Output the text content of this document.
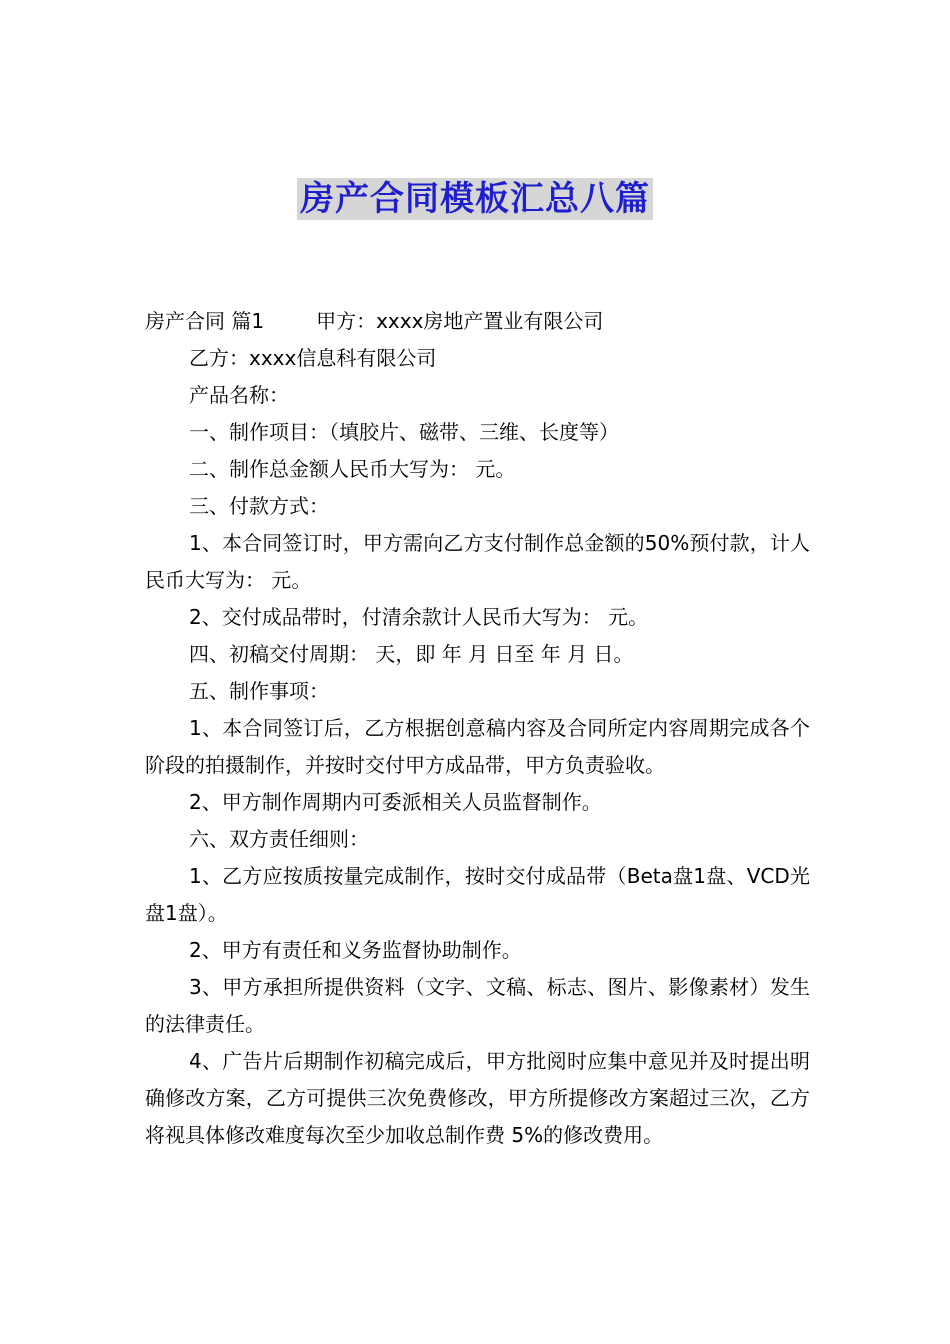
房产合同模板汇总八篇

房产合同 篇1	甲方：xxxx房地产置业有限公司

乙方：xxxx信息科有限公司

产品名称：

一、制作项目：（填胶片、磁带、三维、长度等）

二、制作总金额人民币大写为： 元。

三、付款方式：

1、本合同签订时，甲方需向乙方支付制作总金额的50%预付款，计人民币大写为： 元。

2、交付成品带时，付清余款计人民币大写为： 元。

四、初稿交付周期： 天，即 年 月 日至 年 月 日。

五、制作事项：

1、本合同签订后，乙方根据创意稿内容及合同所定内容周期完成各个阶段的拍摄制作，并按时交付甲方成品带，甲方负责验收。

2、甲方制作周期内可委派相关人员监督制作。

六、双方责任细则：

1、乙方应按质按量完成制作，按时交付成品带（Beta盘1盘、VCD光盘1盘）。

2、甲方有责任和义务监督协助制作。

3、甲方承担所提供资料（文字、文稿、标志、图片、影像素材）发生的法律责任。

4、广告片后期制作初稿完成后，甲方批阅时应集中意见并及时提出明确修改方案，乙方可提供三次免费修改，甲方所提修改方案超过三次，乙方将视具体修改难度每次至少加收总制作费 5%的修改费用。
